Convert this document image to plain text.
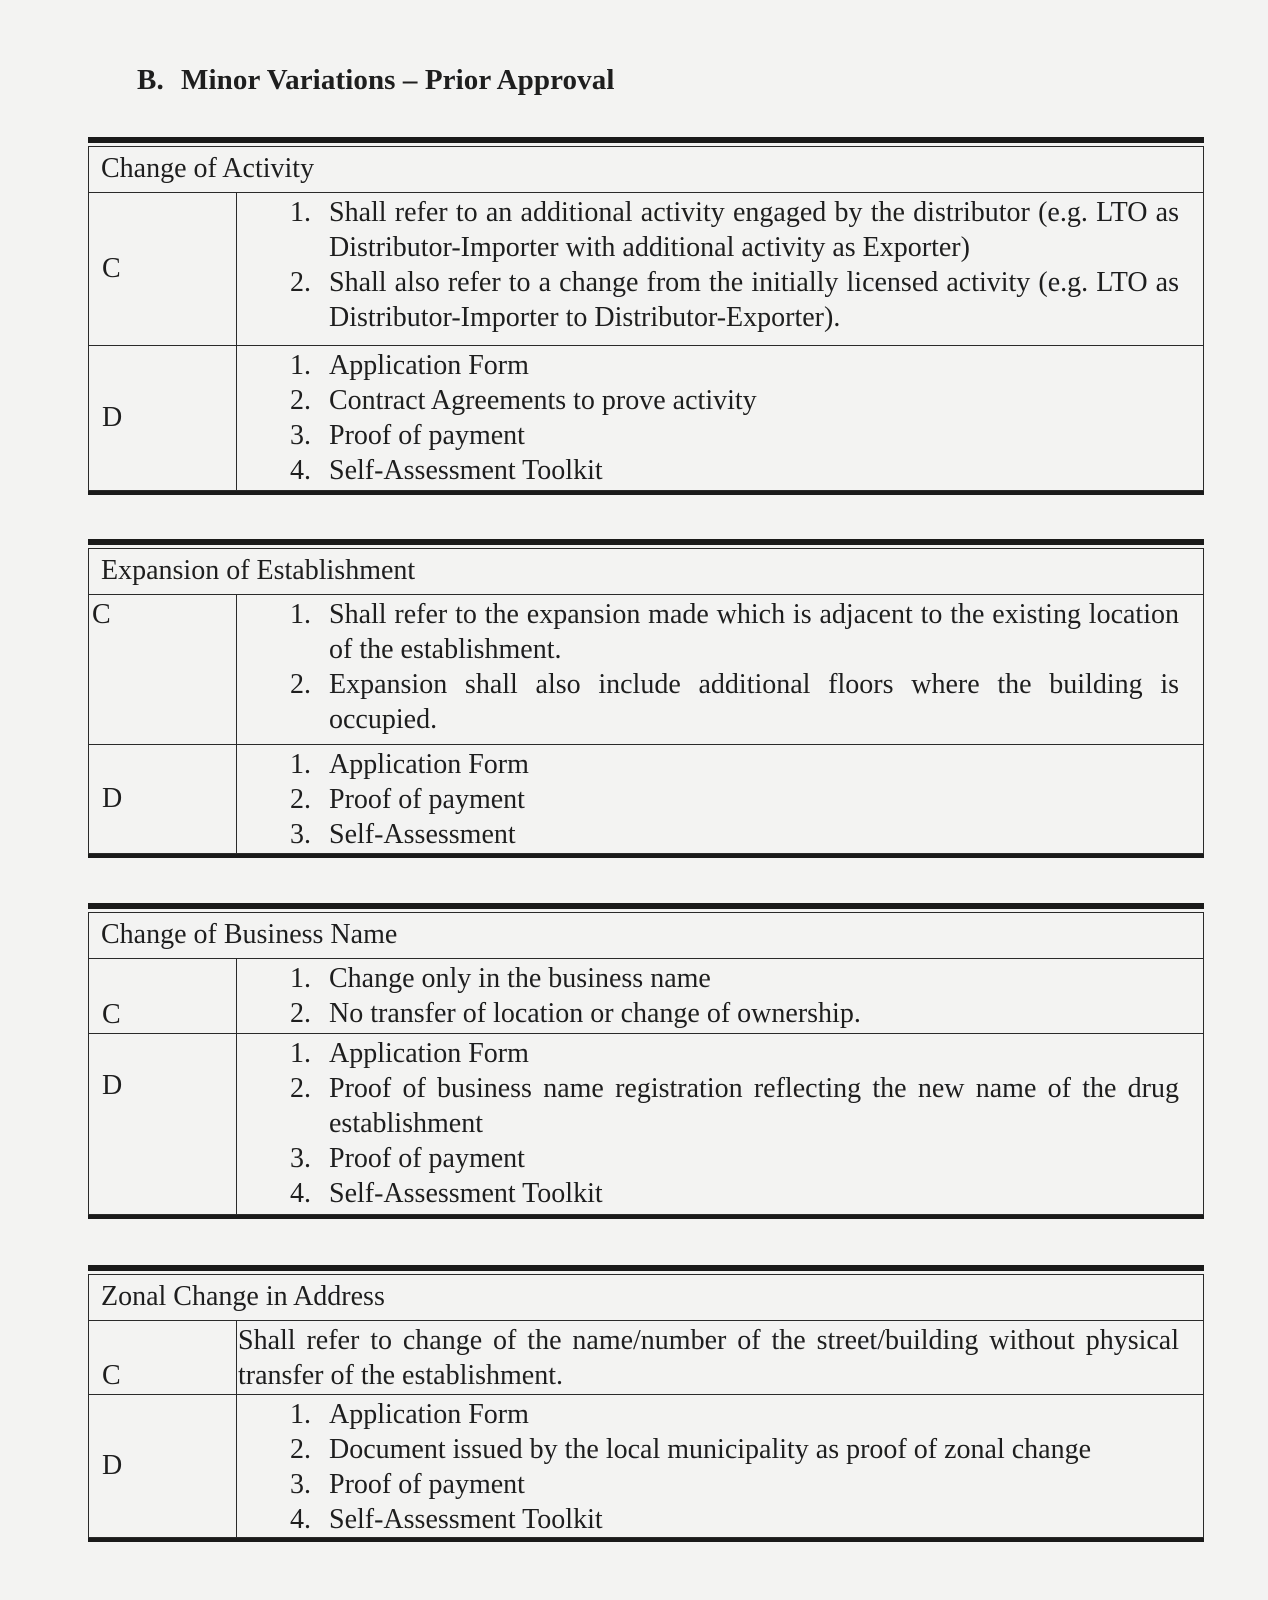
B. Minor Variations – Prior Approval
Change of Activity
C
1. Shall refer to an additional activity engaged by the distributor (e.g. LTO as Distributor-Importer with additional activity as Exporter)
2. Shall also refer to a change from the initially licensed activity (e.g. LTO as Distributor-Importer to Distributor-Exporter).
D
1. Application Form
2. Contract Agreements to prove activity
3. Proof of payment
4. Self-Assessment Toolkit
Expansion of Establishment
C	1. Shall refer to the expansion made which is adjacent to the existing location of the establishment.
2. Expansion shall also include additional floors where the building is occupied.
D
1. Application Form
2. Proof of payment
3. Self-Assessment
Change of Business Name
C
1. Change only in the business name
2. No transfer of location or change of ownership.
D
1. Application Form
2. Proof of business name registration reflecting the new name of the drug establishment
3. Proof of payment
4. Self-Assessment Toolkit
Zonal Change in Address
C
Shall refer to change of the name/number of the street/building without physical transfer of the establishment.
D
1. Application Form
2. Document issued by the local municipality as proof of zonal change
3. Proof of payment
4. Self-Assessment Toolkit
